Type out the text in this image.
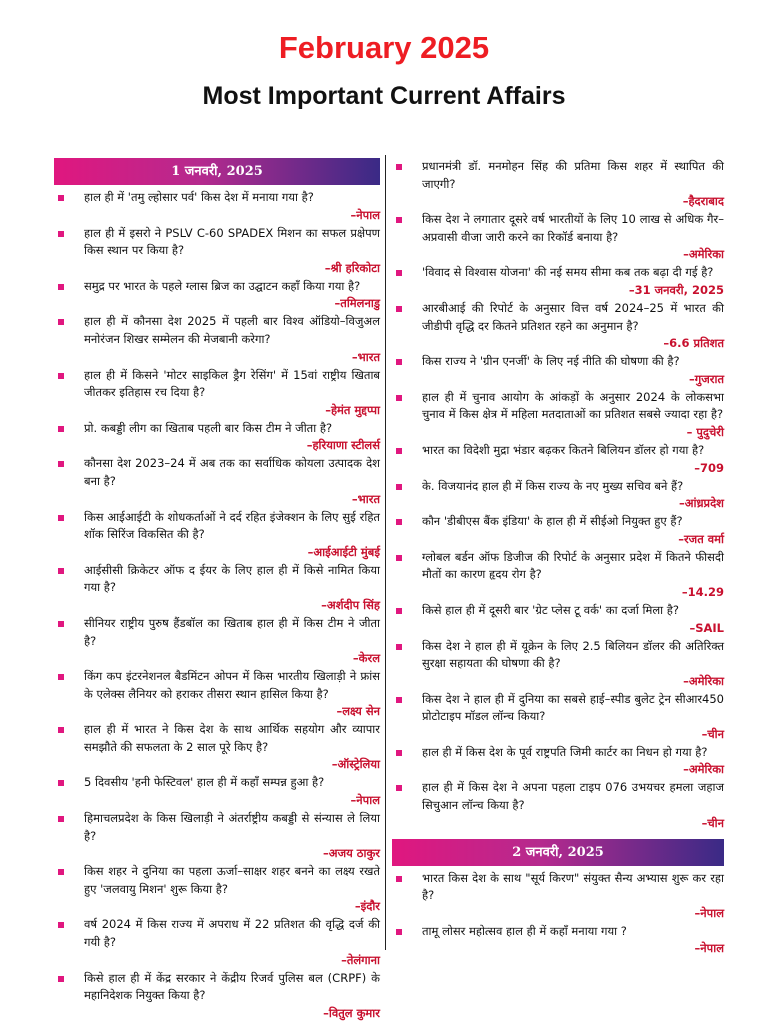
February 2025
Most Important Current Affairs
1 जनवरी, 2025
हाल ही में 'तमु ल्होसार पर्व' किस देश में मनाया गया है?
–नेपाल
हाल ही में इसरो ने PSLV C-60 SPADEX मिशन का सफल प्रक्षेपण किस स्थान पर किया है?
–श्री हरिकोटा
समुद्र पर भारत के पहले ग्लास ब्रिज का उद्घाटन कहाँ किया गया है?
–तमिलनाडु
हाल ही में कौनसा देश 2025 में पहली बार विश्व ऑडियो–विजुअल मनोरंजन शिखर सम्मेलन की मेजबानी करेगा?
–भारत
हाल ही में किसने 'मोटर साइकिल ड्रैग रेसिंग' में 15वां राष्ट्रीय खिताब जीतकर इतिहास रच दिया है?
–हेमंत मुद्दप्पा
प्रो. कबड्डी लीग का खिताब पहली बार किस टीम ने जीता है?
–हरियाणा स्टीलर्स
कौनसा देश 2023–24 में अब तक का सर्वाधिक कोयला उत्पादक देश बना है?
–भारत
किस आईआईटी के शोधकर्ताओं ने दर्द रहित इंजेक्शन के लिए सुई रहित शॉक सिरिंज विकसित की है?
–आईआईटी मुंबई
आईसीसी क्रिकेटर ऑफ द ईयर के लिए हाल ही में किसे नामित किया गया है?
–अर्शदीप सिंह
सीनियर राष्ट्रीय पुरुष हैंडबॉल का खिताब हाल ही में किस टीम ने जीता है?
–केरल
किंग कप इंटरनेशनल बैडमिंटन ओपन में किस भारतीय खिलाड़ी ने फ्रांस के एलेक्स लैनियर को हराकर तीसरा स्थान हासिल किया है?
–लक्ष्य सेन
हाल ही में भारत ने किस देश के साथ आर्थिक सहयोग और व्यापार समझौते की सफलता के 2 साल पूरे किए है?
–ऑस्ट्रेलिया
5 दिवसीय 'हनी फेस्टिवल' हाल ही में कहाँ सम्पन्न हुआ है?
–नेपाल
हिमाचलप्रदेश के किस खिलाड़ी ने अंतर्राष्ट्रीय कबड्डी से संन्यास ले लिया है?
–अजय ठाकुर
किस शहर ने दुनिया का पहला ऊर्जा–साक्षर शहर बनने का लक्ष्य रखते हुए 'जलवायु मिशन' शुरू किया है?
–इंदौर
वर्ष 2024 में किस राज्य में अपराध में 22 प्रतिशत की वृद्धि दर्ज की गयी है?
–तेलंगाना
किसे हाल ही में केंद्र सरकार ने केंद्रीय रिजर्व पुलिस बल (CRPF) के महानिदेशक नियुक्त किया है?
–वितुल कुमार
प्रधानमंत्री डॉ. मनमोहन सिंह की प्रतिमा किस शहर में स्थापित की जाएगी?
–हैदराबाद
किस देश ने लगातार दूसरे वर्ष भारतीयों के लिए 10 लाख से अधिक गैर–अप्रवासी वीजा जारी करने का रिकॉर्ड बनाया है?
–अमेरिका
'विवाद से विश्वास योजना' की नई समय सीमा कब तक बढ़ा दी गई है?
–31 जनवरी, 2025
आरबीआई की रिपोर्ट के अनुसार वित्त वर्ष 2024–25 में भारत की जीडीपी वृद्धि दर कितने प्रतिशत रहने का अनुमान है?
–6.6 प्रतिशत
किस राज्य ने 'ग्रीन एनर्जी' के लिए नई नीति की घोषणा की है?
–गुजरात
हाल ही में चुनाव आयोग के आंकड़ों के अनुसार 2024 के लोकसभा चुनाव में किस क्षेत्र में महिला मतदाताओं का प्रतिशत सबसे ज्यादा रहा है?
– पुदुचेरी
भारत का विदेशी मुद्रा भंडार बढ़कर कितने बिलियन डॉलर हो गया है?
–709
के. विजयानंद हाल ही में किस राज्य के नए मुख्य सचिव बने हैं?
–आंध्रप्रदेश
कौन 'डीबीएस बैंक इंडिया' के हाल ही में सीईओ नियुक्त हुए हैं?
–रजत वर्मा
ग्लोबल बर्डन ऑफ डिजीज की रिपोर्ट के अनुसार प्रदेश में कितने फीसदी मौतों का कारण हृदय रोग है?
–14.29
किसे हाल ही में दूसरी बार 'ग्रेट प्लेस टू वर्क' का दर्जा मिला है?
–SAIL
किस देश ने हाल ही में यूक्रेन के लिए 2.5 बिलियन डॉलर की अतिरिक्त सुरक्षा सहायता की घोषणा की है?
–अमेरिका
किस देश ने हाल ही में दुनिया का सबसे हाई–स्पीड बुलेट ट्रेन सीआर450 प्रोटोटाइप मॉडल लॉन्च किया?
–चीन
हाल ही में किस देश के पूर्व राष्ट्रपति जिमी कार्टर का निधन हो गया है?
–अमेरिका
हाल ही में किस देश ने अपना पहला टाइप 076 उभयचर हमला जहाज सिचुआन लॉन्च किया है?
–चीन
2 जनवरी, 2025
भारत किस देश के साथ "सूर्य किरण" संयुक्त सैन्य अभ्यास शुरू कर रहा है?
–नेपाल
तामू लोसर महोत्सव हाल ही में कहाँ मनाया गया ?
–नेपाल
